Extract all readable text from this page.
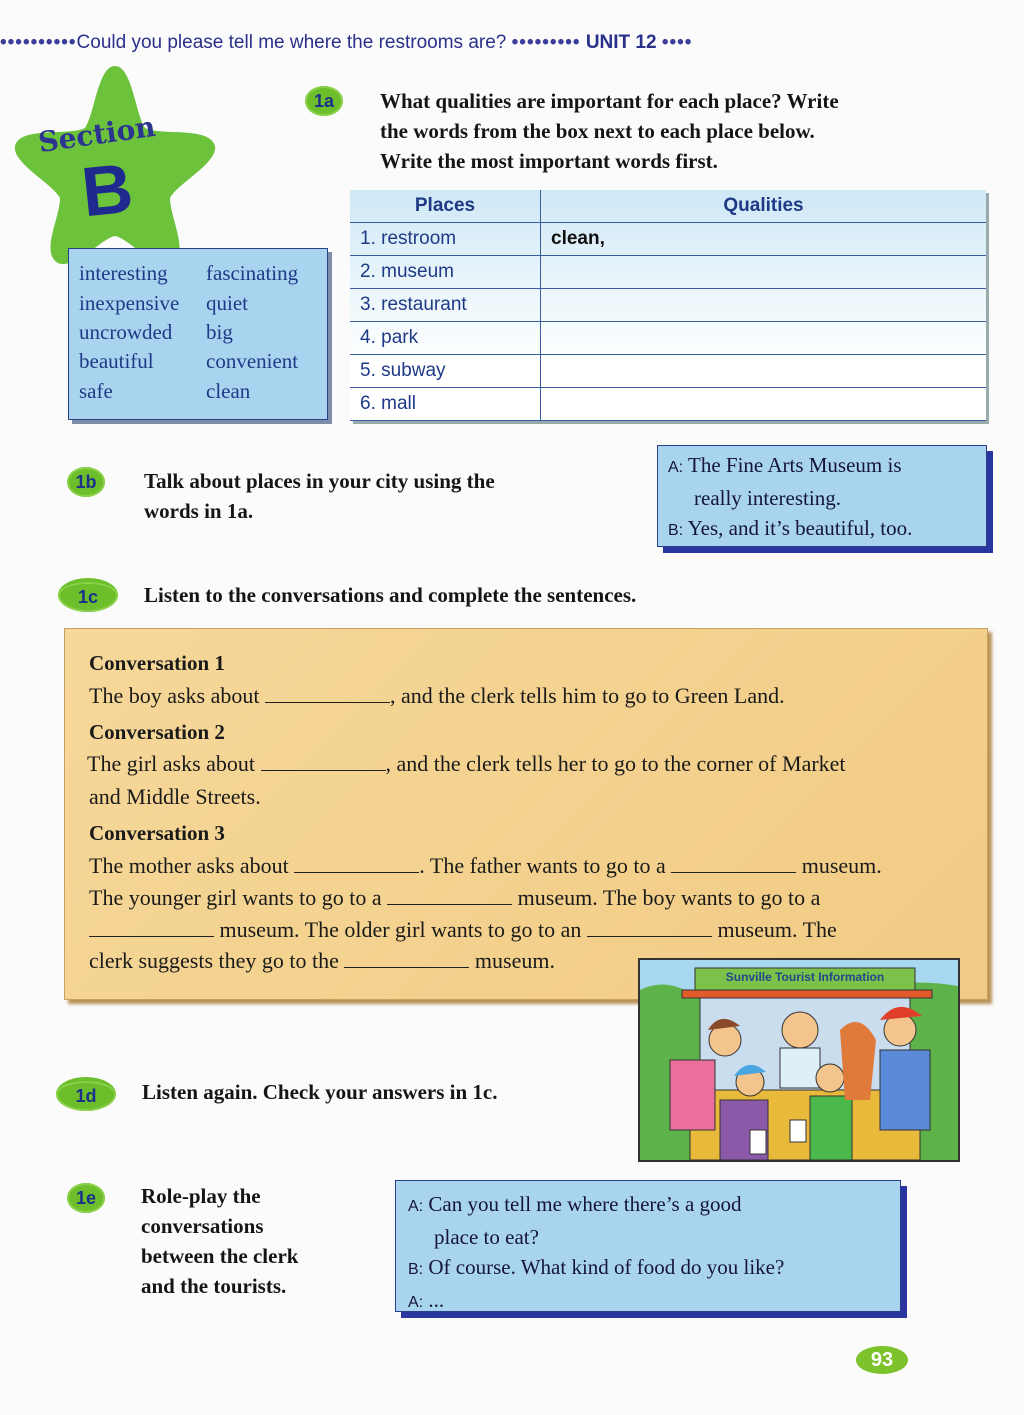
••••••••••Could you please tell me where the restrooms are? ••••••••• UNIT 12 ••••
Section
B
1a	What qualities are important for each place? Write
the words from the box next to each place below.
Write the most important words first.
interesting fascinating
inexpensive quiet
uncrowded big
beautiful convenient
safe	clean
Places	Qualities
1. restroom	clean,
2. museum	
3. restaurant	
4. park	
5. subway	
6. mall	
1b	Talk about places in your city using the
words in 1a.
A: The Fine Arts Museum is
really interesting.
B: Yes, and it’s beautiful, too.
1c	Listen to the conversations and complete the sentences.
Conversation 1
The boy asks about	, and the clerk tells him to go to Green Land.
Conversation 2
The girl asks about	, and the clerk tells her to go to the corner of Market
and Middle Streets.
Conversation 3
The mother asks about	. The father wants to go to a	museum.
The younger girl wants to go to a	museum. The boy wants to go to a
museum. The older girl wants to go to an	museum. The
clerk suggests they go to the	museum.
Sunville Tourist Information
1d	Listen again. Check your answers in 1c.
1e	Role-play the
conversations
between the clerk
and the tourists.
A: Can you tell me where there’s a good
place to eat?
B: Of course. What kind of food do you like?
A: ...
93
